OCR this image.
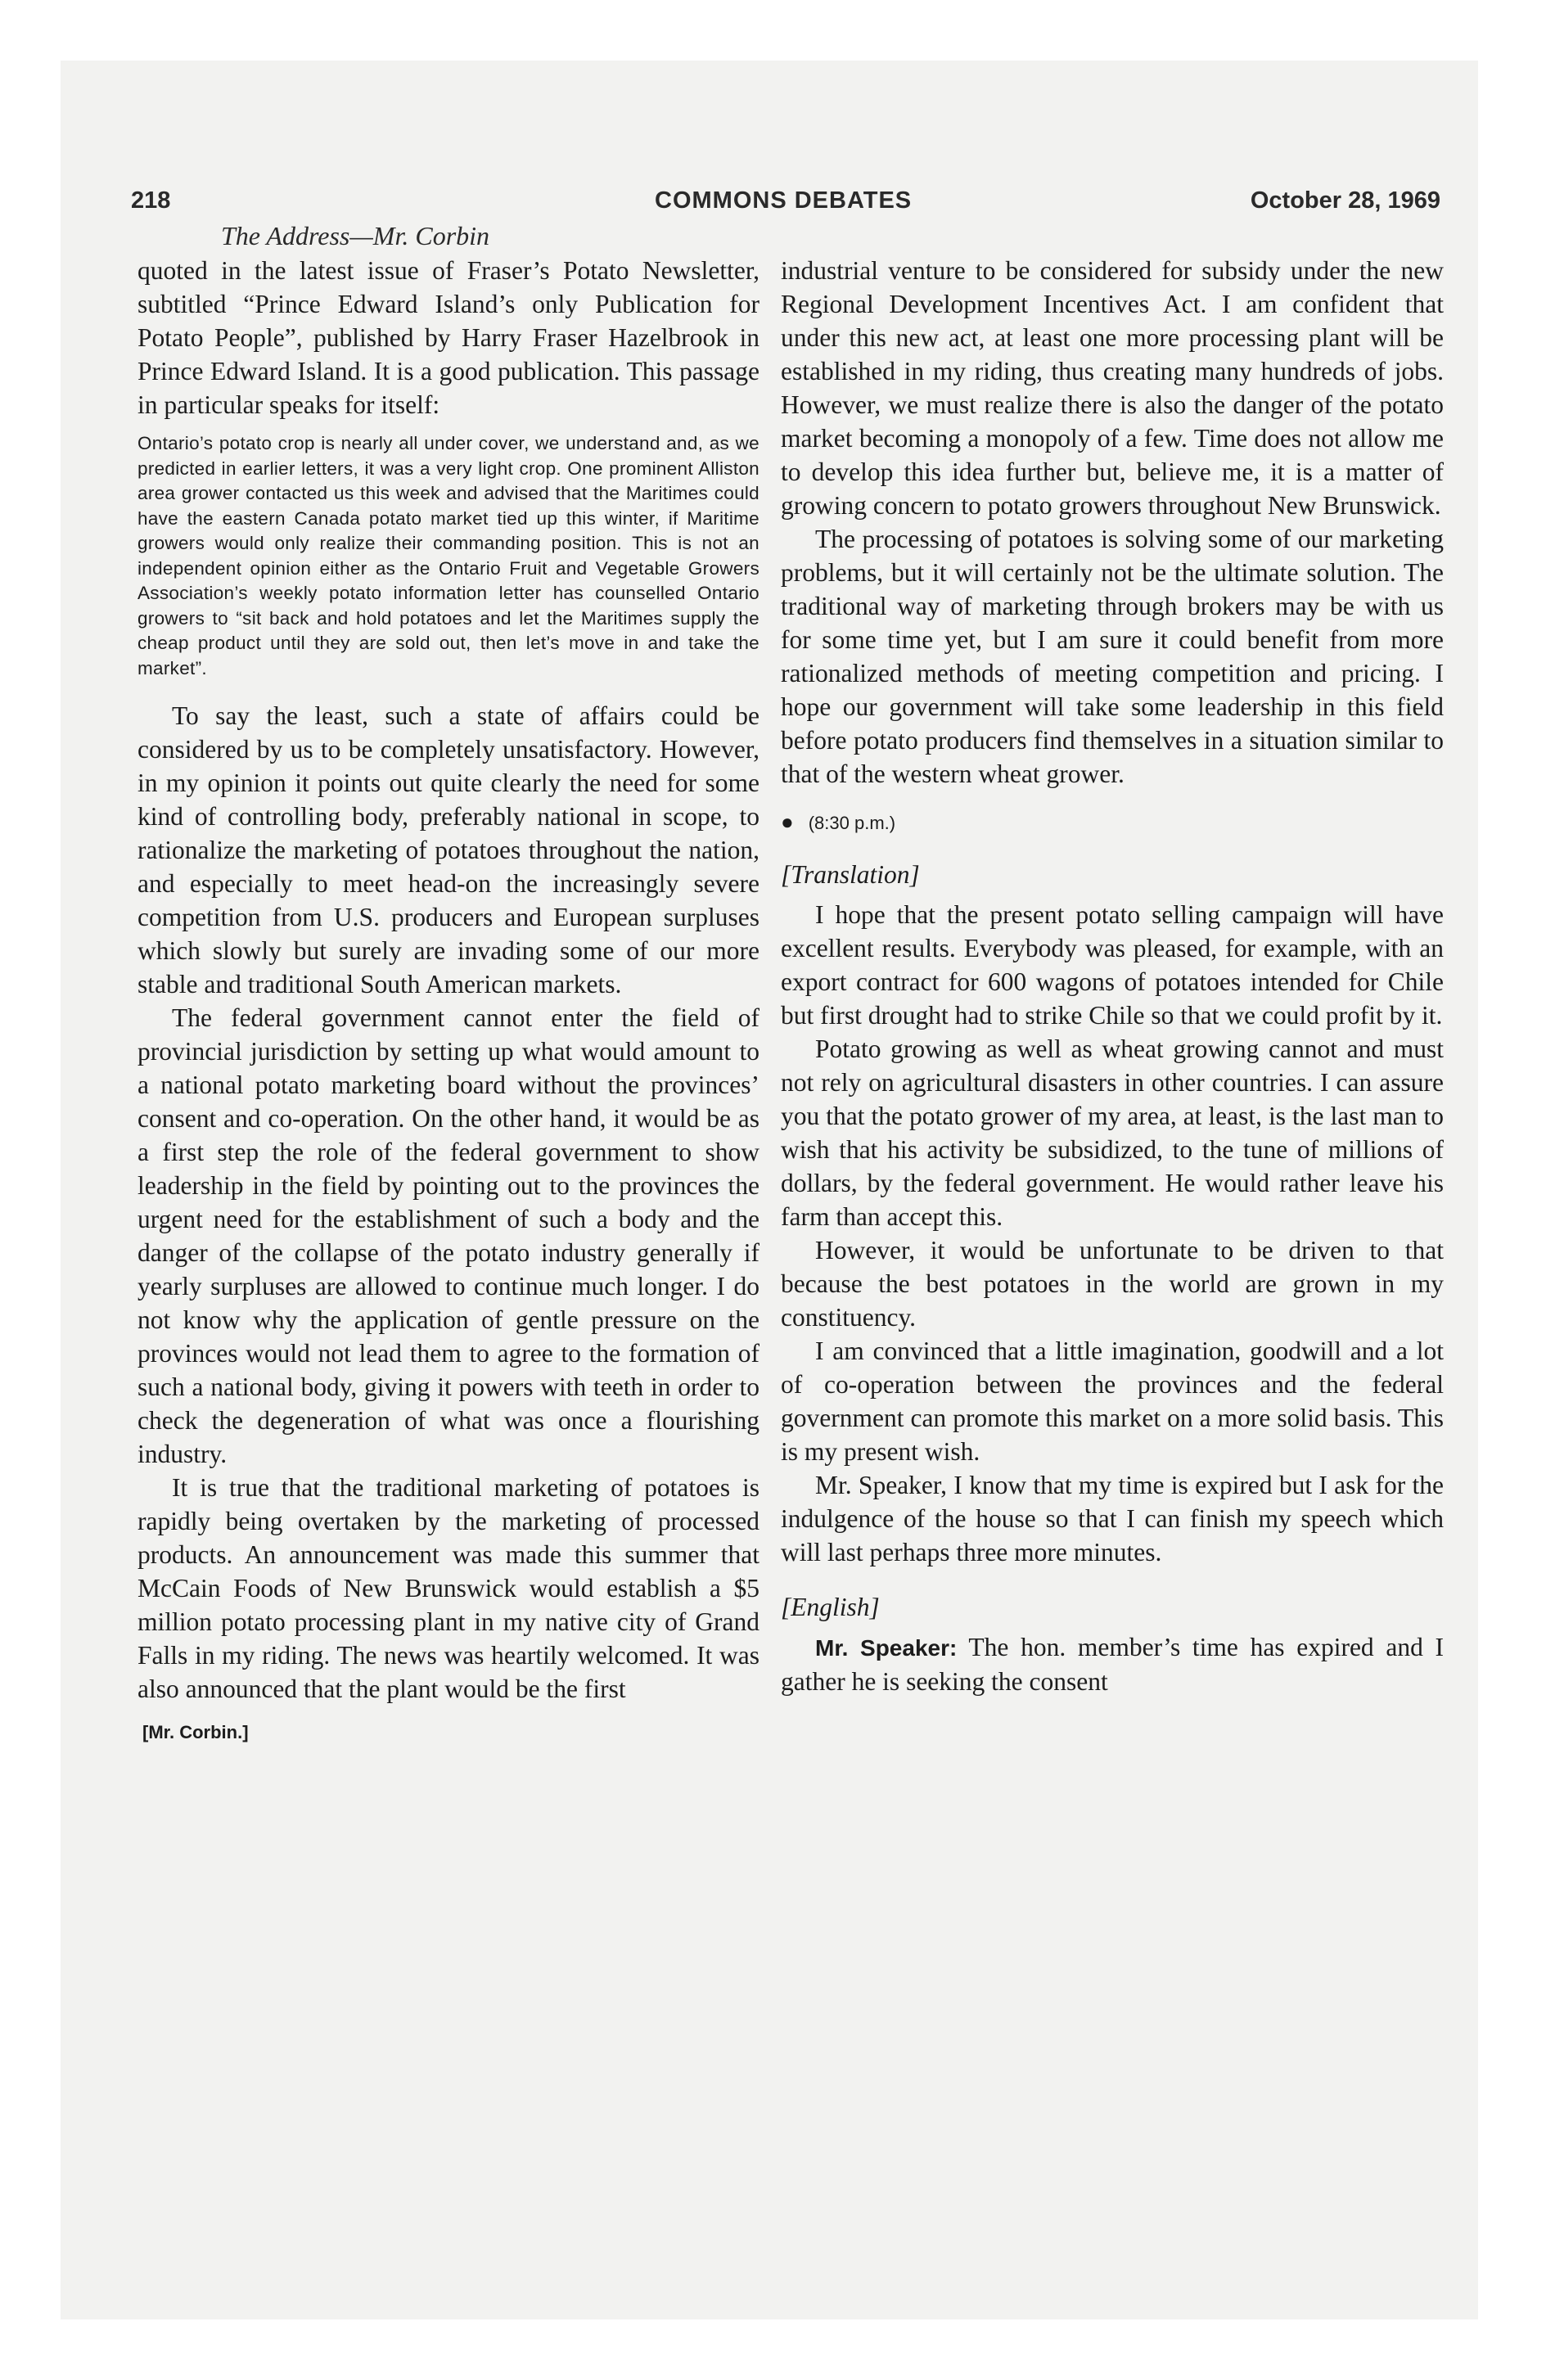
218	COMMONS DEBATES	October 28, 1969
The Address—Mr. Corbin

quoted in the latest issue of Fraser’s Potato Newsletter, subtitled “Prince Edward Island’s only Publication for Potato People”, published by Harry Fraser Hazelbrook in Prince Edward Island. It is a good publication. This passage in particular speaks for itself:

Ontario’s potato crop is nearly all under cover, we understand and, as we predicted in earlier letters, it was a very light crop. One prominent Alliston area grower contacted us this week and advised that the Maritimes could have the eastern Canada potato market tied up this winter, if Maritime growers would only realize their commanding position. This is not an independent opinion either as the Ontario Fruit and Vegetable Growers Association’s weekly potato information letter has counselled Ontario growers to “sit back and hold potatoes and let the Maritimes supply the cheap product until they are sold out, then let’s move in and take the market”.

To say the least, such a state of affairs could be considered by us to be completely unsatisfactory. However, in my opinion it points out quite clearly the need for some kind of controlling body, preferably national in scope, to rationalize the marketing of potatoes throughout the nation, and especially to meet head-on the increasingly severe competition from U.S. producers and European surpluses which slowly but surely are invading some of our more stable and traditional South American markets.

The federal government cannot enter the field of provincial jurisdiction by setting up what would amount to a national potato marketing board without the provinces’ consent and co-operation. On the other hand, it would be as a first step the role of the federal government to show leadership in the field by pointing out to the provinces the urgent need for the establishment of such a body and the danger of the collapse of the potato industry generally if yearly surpluses are allowed to continue much longer. I do not know why the application of gentle pressure on the provinces would not lead them to agree to the formation of such a national body, giving it powers with teeth in order to check the degeneration of what was once a flourishing industry.

It is true that the traditional marketing of potatoes is rapidly being overtaken by the marketing of processed products. An announcement was made this summer that McCain Foods of New Brunswick would establish a $5 million potato processing plant in my native city of Grand Falls in my riding. The news was heartily welcomed. It was also announced that the plant would be the first

[Mr. Corbin.]

industrial venture to be considered for subsidy under the new Regional Development Incentives Act. I am confident that under this new act, at least one more processing plant will be established in my riding, thus creating many hundreds of jobs. However, we must realize there is also the danger of the potato market becoming a monopoly of a few. Time does not allow me to develop this idea further but, believe me, it is a matter of growing concern to potato growers throughout New Brunswick.

The processing of potatoes is solving some of our marketing problems, but it will certainly not be the ultimate solution. The traditional way of marketing through brokers may be with us for some time yet, but I am sure it could benefit from more rationalized methods of meeting competition and pricing. I hope our government will take some leadership in this field before potato producers find themselves in a situation similar to that of the western wheat grower.

● (8:30 p.m.)
[Translation]

I hope that the present potato selling campaign will have excellent results. Everybody was pleased, for example, with an export contract for 600 wagons of potatoes intended for Chile but first drought had to strike Chile so that we could profit by it.

Potato growing as well as wheat growing cannot and must not rely on agricultural disasters in other countries. I can assure you that the potato grower of my area, at least, is the last man to wish that his activity be subsidized, to the tune of millions of dollars, by the federal government. He would rather leave his farm than accept this.

However, it would be unfortunate to be driven to that because the best potatoes in the world are grown in my constituency.

I am convinced that a little imagination, goodwill and a lot of co-operation between the provinces and the federal government can promote this market on a more solid basis. This is my present wish.

Mr. Speaker, I know that my time is expired but I ask for the indulgence of the house so that I can finish my speech which will last perhaps three more minutes.

[English]

Mr. Speaker: The hon. member’s time has expired and I gather he is seeking the consent
